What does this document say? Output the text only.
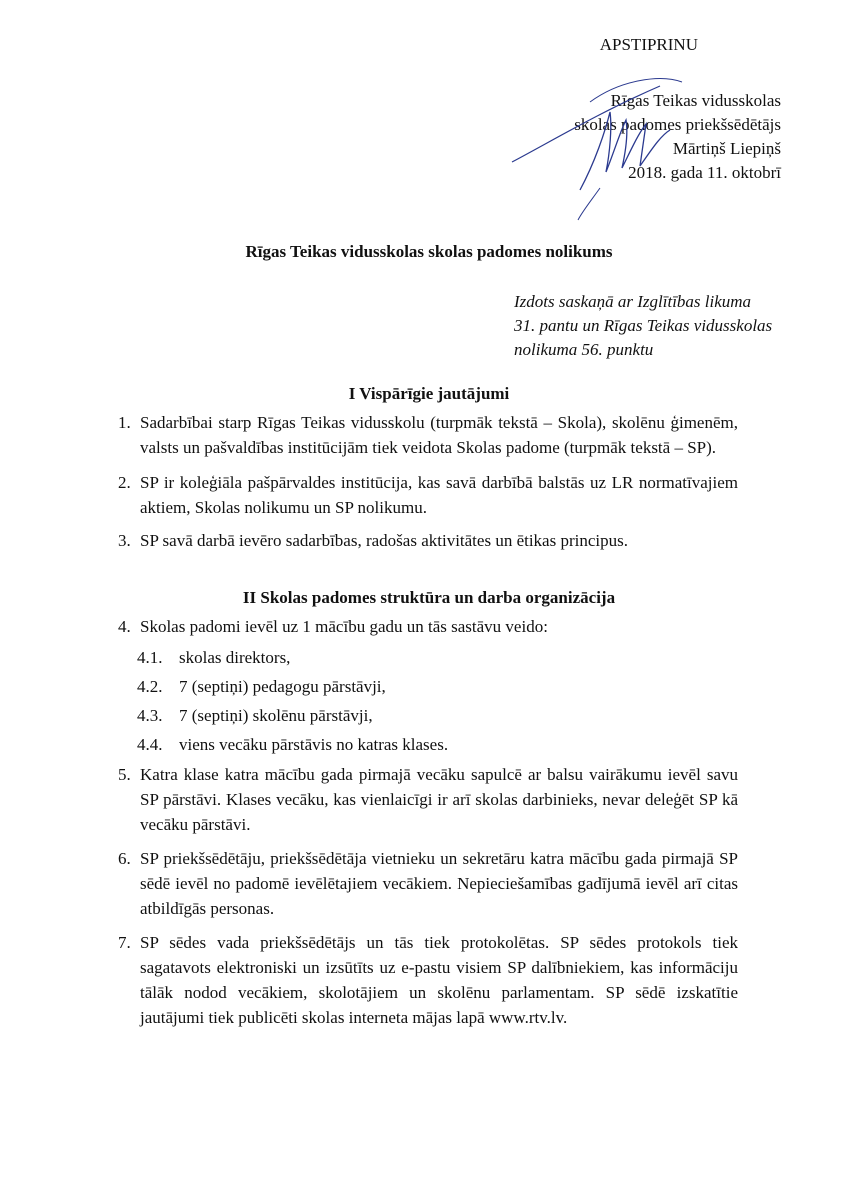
APSTIPRINU
Rīgas Teikas vidusskolas
skolas padomes priekšsēdētājs
Mārtiņš Liepiņš
2018. gada 11. oktobrī
Rīgas Teikas vidusskolas skolas padomes nolikums
Izdots saskaņā ar Izglītības likuma
31. pantu un Rīgas Teikas vidusskolas
nolikuma 56. punktu
I Vispārīgie jautājumi
1. Sadarbībai starp Rīgas Teikas vidusskolu (turpmāk tekstā – Skola), skolēnu ģimenēm, valsts un pašvaldības institūcijām tiek veidota Skolas padome (turpmāk tekstā – SP).
2. SP ir koleģiāla pašpārvaldes institūcija, kas savā darbībā balstās uz LR normatīvajiem aktiem, Skolas nolikumu un SP nolikumu.
3. SP savā darbā ievēro sadarbības, radošas aktivitātes un ētikas principus.
II Skolas padomes struktūra un darba organizācija
4. Skolas padomi ievēl uz 1 mācību gadu un tās sastāvu veido:
4.1. skolas direktors,
4.2. 7 (septiņi) pedagogu pārstāvji,
4.3. 7 (septiņi) skolēnu pārstāvji,
4.4. viens vecāku pārstāvis no katras klases.
5. Katra klase katra mācību gada pirmajā vecāku sapulcē ar balsu vairākumu ievēl savu SP pārstāvi. Klases vecāku, kas vienlaicīgi ir arī skolas darbinieks, nevar deleģēt SP kā vecāku pārstāvi.
6. SP priekšsēdētāju, priekšsēdētāja vietnieku un sekretāru katra mācību gada pirmajā SP sēdē ievēl no padomē ievēlētajiem vecākiem. Nepieciešamības gadījumā ievēl arī citas atbildīgās personas.
7. SP sēdes vada priekšsēdētājs un tās tiek protokolētas. SP sēdes protokols tiek sagatavots elektroniski un izsūtīts uz e-pastu visiem SP dalībniekiem, kas informāciju tālāk nodod vecākiem, skolotājiem un skolēnu parlamentam. SP sēdē izskatītie jautājumi tiek publicēti skolas interneta mājas lapā www.rtv.lv.
